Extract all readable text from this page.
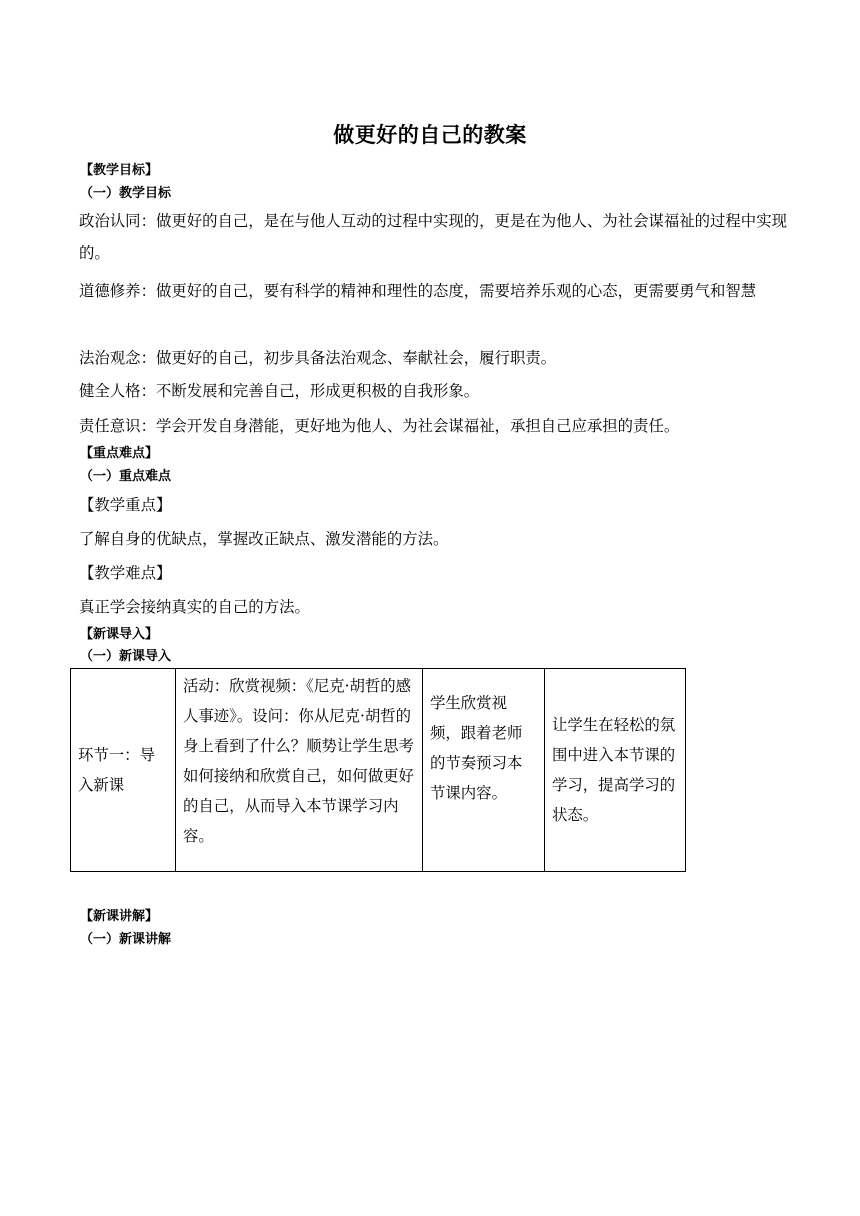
做更好的自己的教案
【教学目标】
（一）教学目标
政治认同：做更好的自己，是在与他人互动的过程中实现的，更是在为他人、为社会谋福祉的过程中实现的。
道德修养：做更好的自己，要有科学的精神和理性的态度，需要培养乐观的心态，更需要勇气和智慧
法治观念：做更好的自己，初步具备法治观念、奉献社会，履行职责。
健全人格：不断发展和完善自己，形成更积极的自我形象。
责任意识：学会开发自身潜能，更好地为他人、为社会谋福祉，承担自己应承担的责任。
【重点难点】
（一）重点难点
【教学重点】
了解自身的优缺点，掌握改正缺点、激发潜能的方法。
【教学难点】
真正学会接纳真实的自己的方法。
【新课导入】
（一）新课导入
环节一：导入新课	活动：欣赏视频：《尼克·胡哲的感人事迹》。设问：你从尼克·胡哲的身上看到了什么？顺势让学生思考如何接纳和欣赏自己，如何做更好的自己，从而导入本节课学习内容。	学生欣赏视频，跟着老师的节奏预习本节课内容。	让学生在轻松的氛围中进入本节课的学习，提高学习的状态。
【新课讲解】
（一）新课讲解
